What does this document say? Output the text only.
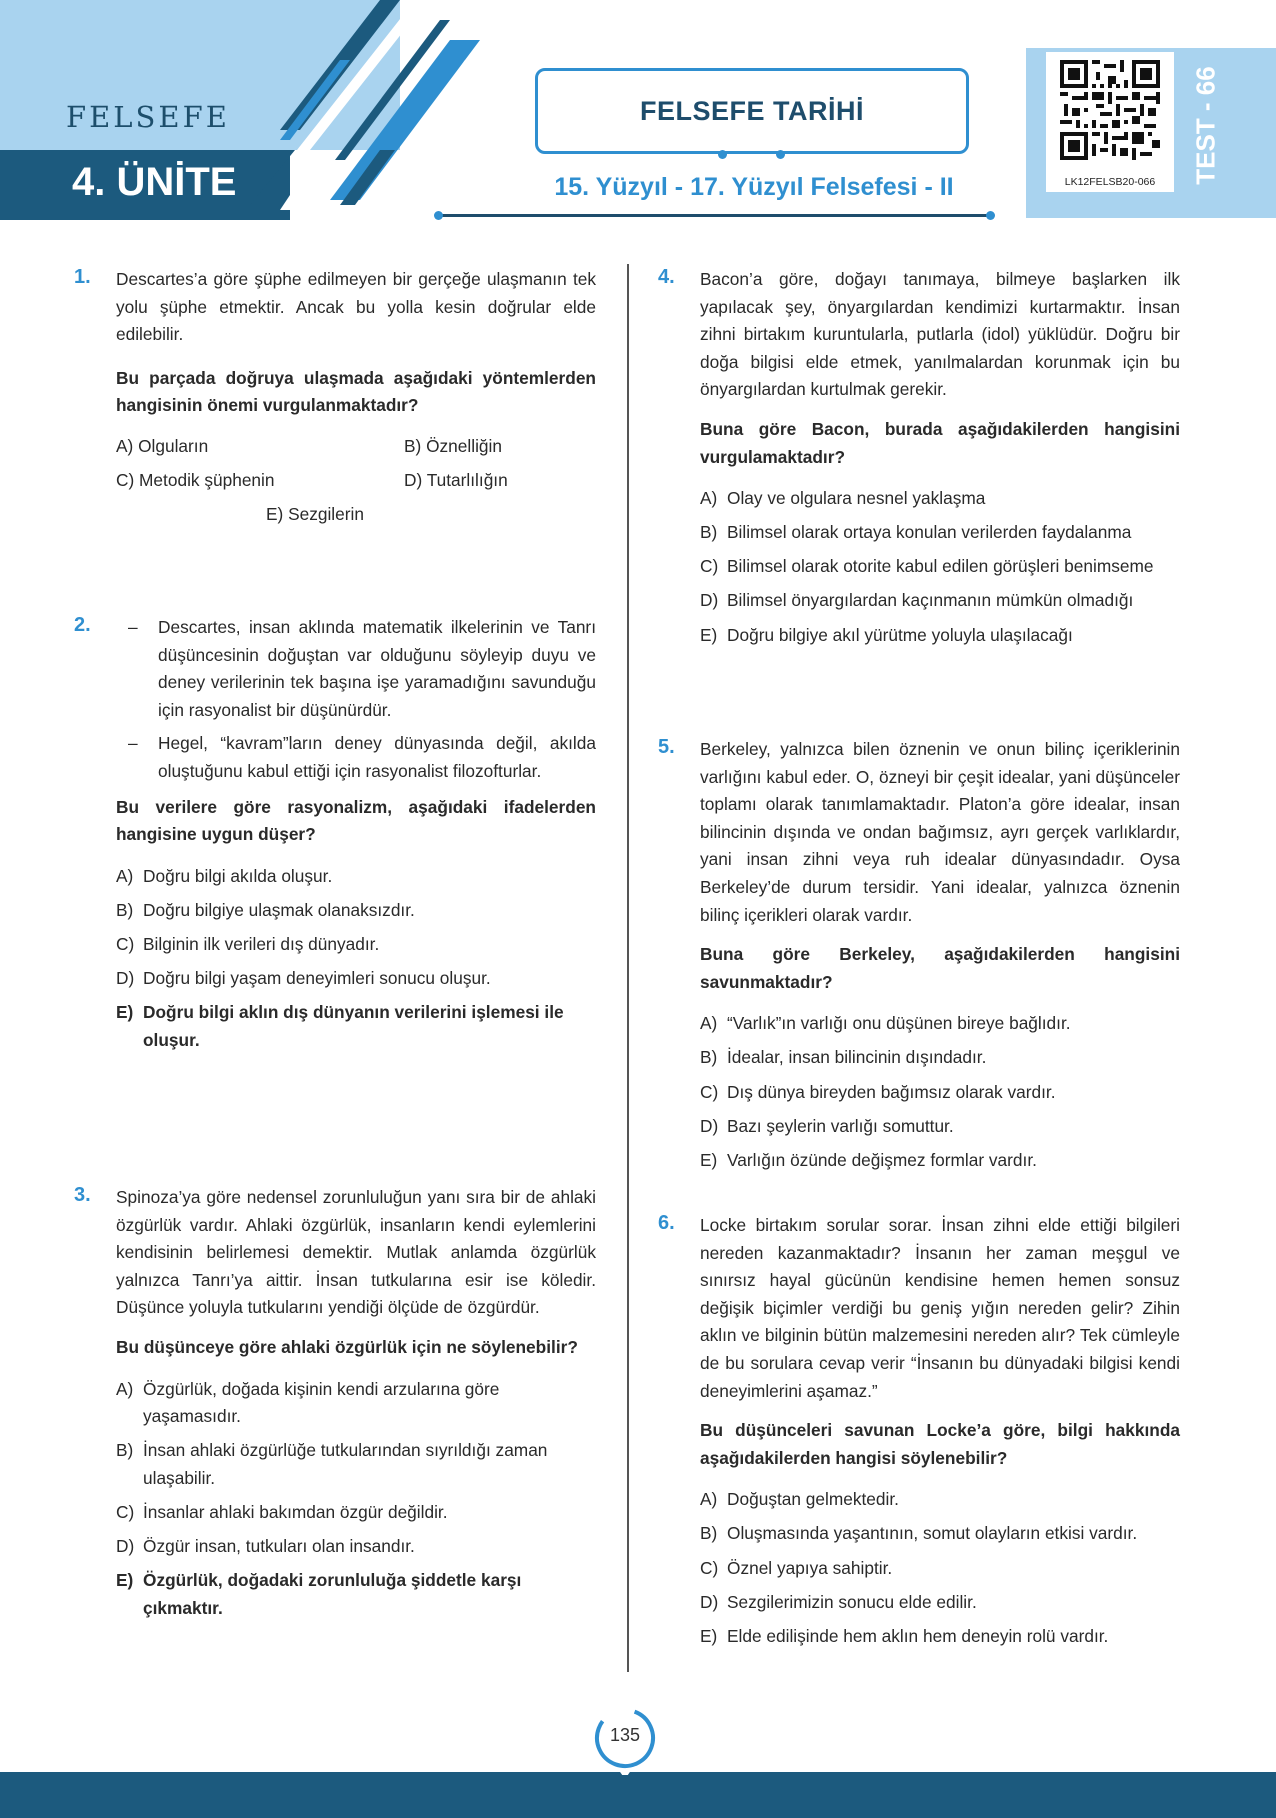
FELSEFE
4. ÜNİTE
FELSEFE TARİHİ
15. Yüzyıl - 17. Yüzyıl Felsefesi - II	LK12FELSB20-066	TEST - 66
1. Descartes’a göre şüphe edilmeyen bir gerçeğe ulaşmanın tek yolu şüphe etmektir. Ancak bu yolla kesin doğrular elde edilebilir.
Bu parçada doğruya ulaşmada aşağıdaki yöntemlerden hangisinin önemi vurgulanmaktadır?
A) Olguların	B) Öznelliğin
C) Metodik şüphenin	D) Tutarlılığın
E) Sezgilerin
2.
–	Descartes, insan aklında matematik ilkelerinin ve Tanrı düşüncesinin doğuştan var olduğunu söyleyip duyu ve deney verilerinin tek başına işe yaramadığını savunduğu için rasyonalist bir düşünürdür.
– Hegel, “kavram”ların deney dünyasında değil, akılda oluştuğunu kabul ettiği için rasyonalist filozofturlar.
Bu verilere göre rasyonalizm, aşağıdaki ifadelerden hangisine uygun düşer?
A) Doğru bilgi akılda oluşur.
B) Doğru bilgiye ulaşmak olanaksızdır.
C) Bilginin ilk verileri dış dünyadır.
D) Doğru bilgi yaşam deneyimleri sonucu oluşur.
E) Doğru bilgi aklın dış dünyanın verilerini işlemesi ile oluşur.
3. Spinoza’ya göre nedensel zorunluluğun yanı sıra bir de ahlaki özgürlük vardır. Ahlaki özgürlük, insanların kendi eylemlerini kendisinin belirlemesi demektir. Mutlak anlamda özgürlük yalnızca Tanrı’ya aittir. İnsan tutkularına esir ise köledir. Düşünce yoluyla tutkularını yendiği ölçüde de özgürdür.
Bu düşünceye göre ahlaki özgürlük için ne söylenebilir?
A) Özgürlük, doğada kişinin kendi arzularına göre yaşamasıdır.
B) İnsan ahlaki özgürlüğe tutkularından sıyrıldığı zaman ulaşabilir.
C) İnsanlar ahlaki bakımdan özgür değildir.
D) Özgür insan, tutkuları olan insandır.
E) Özgürlük, doğadaki zorunluluğa şiddetle karşı çıkmaktır.
4. Bacon’a göre, doğayı tanımaya, bilmeye başlarken ilk yapılacak şey, önyargılardan kendimizi kurtarmaktır. İnsan zihni birtakım kuruntularla, putlarla (idol) yüklüdür. Doğru bir doğa bilgisi elde etmek, yanılmalardan korunmak için bu önyargılardan kurtulmak gerekir.
Buna göre Bacon, burada aşağıdakilerden hangisini vurgulamaktadır?
A) Olay ve olgulara nesnel yaklaşma
B) Bilimsel olarak ortaya konulan verilerden faydalanma
C) Bilimsel olarak otorite kabul edilen görüşleri benimseme
D) Bilimsel önyargılardan kaçınmanın mümkün olmadığı
E) Doğru bilgiye akıl yürütme yoluyla ulaşılacağı
5. Berkeley, yalnızca bilen öznenin ve onun bilinç içeriklerinin varlığını kabul eder. O, özneyi bir çeşit idealar, yani düşünceler toplamı olarak tanımlamaktadır. Platon’a göre idealar, insan bilincinin dışında ve ondan bağımsız, ayrı gerçek varlıklardır, yani insan zihni veya ruh idealar dünyasındadır. Oysa Berkeley’de durum tersidir. Yani idealar, yalnızca öznenin bilinç içerikleri olarak vardır.
Buna göre Berkeley, aşağıdakilerden hangisini savunmaktadır?
A) “Varlık”ın varlığı onu düşünen bireye bağlıdır.
B) İdealar, insan bilincinin dışındadır.
C) Dış dünya bireyden bağımsız olarak vardır.
D) Bazı şeylerin varlığı somuttur.
E) Varlığın özünde değişmez formlar vardır.
6. Locke birtakım sorular sorar. İnsan zihni elde ettiği bilgileri nereden kazanmaktadır? İnsanın her zaman meşgul ve sınırsız hayal gücünün kendisine hemen hemen sonsuz değişik biçimler verdiği bu geniş yığın nereden gelir? Zihin aklın ve bilginin bütün malzemesini nereden alır? Tek cümleyle de bu sorulara cevap verir “İnsanın bu dünyadaki bilgisi kendi deneyimlerini aşamaz.”
Bu düşünceleri savunan Locke’a göre, bilgi hakkında aşağıdakilerden hangisi söylenebilir?
A) Doğuştan gelmektedir.
B) Oluşmasında yaşantının, somut olayların etkisi vardır.
C) Öznel yapıya sahiptir.
D) Sezgilerimizin sonucu elde edilir.
E) Elde edilişinde hem aklın hem deneyin rolü vardır.
135
